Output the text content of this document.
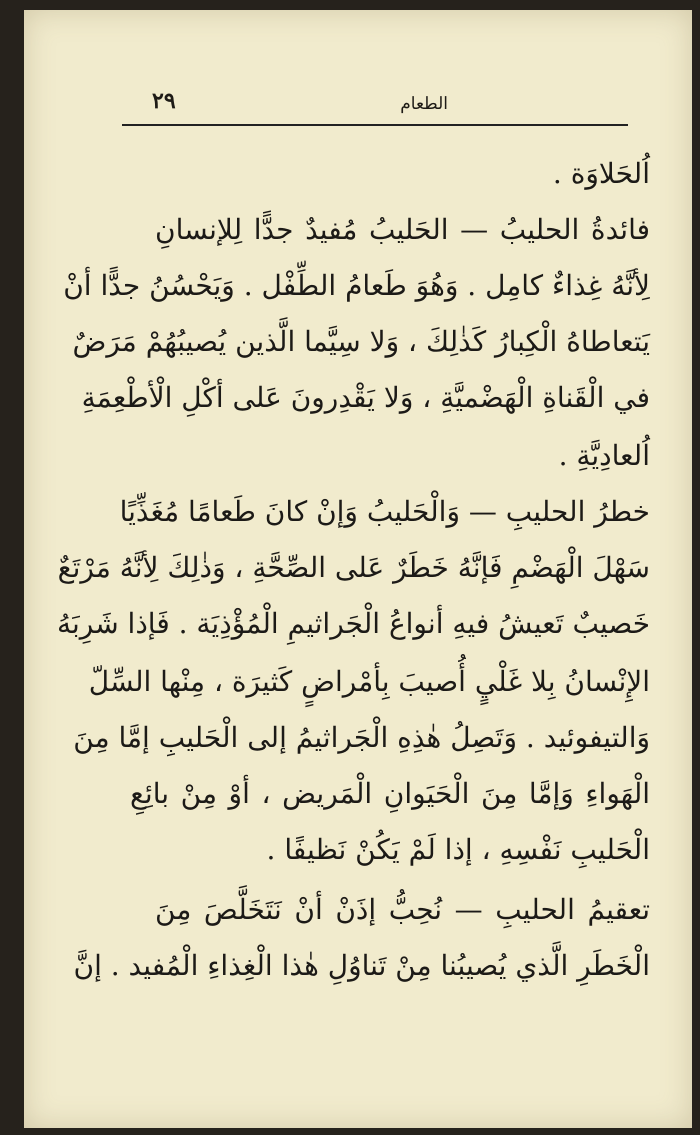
الطعام
٢٩
اُلحَلاوَة .
فائدةُ الحليبُ — الحَليبُ مُفيدٌ جدًّا لِلإنسانِ
لِأنَّهُ غِذاءٌ كامِل . وَهُوَ طَعامُ الطِّفْل . وَيَحْسُنُ جدًّا أنْ
يَتعاطاهُ الْكِبارُ كَذٰلِكَ ، وَلا سِيَّما الَّذين يُصيبُهُمْ مَرَضٌ
في الْقَناةِ الْهَضْميَّةِ ، وَلا يَقْدِرونَ عَلى أكْلِ الْأطْعِمَةِ
اُلعادِيَّةِ .
خطرُ الحليبِ — وَالْحَليبُ وَإنْ كانَ طَعامًا مُغَذِّيًا
سَهْلَ الْهَضْمِ فَإنَّهُ خَطَرٌ عَلى الصِّحَّةِ ، وَذٰلِكَ لِأنَّهُ مَرْتَعٌ
خَصيبٌ تَعيشُ فيهِ أنواعُ الْجَراثيمِ الْمُؤْذِيَة . فَإذا شَرِبَهُ
الإِنْسانُ بِلا غَلْيٍ أُصيبَ بِأمْراضٍ كَثيرَة ، مِنْها السِّلّ
وَالتيفوئيد . وَتَصِلُ هٰذِهِ الْجَراثيمُ إلى الْحَليبِ إمَّا مِنَ
الْهَواءِ وَإمَّا مِنَ الْحَيَوانِ الْمَريض ، أوْ مِنْ بائِعِ
الْحَليبِ نَفْسِهِ ، إذا لَمْ يَكُنْ نَظيفًا .
تعقيمُ الحليبِ — نُحِبُّ إذَنْ أنْ نَتَخَلَّصَ مِنَ
الْخَطَرِ الَّذي يُصيبُنا مِنْ تَناوُلِ هٰذا الْغِذاءِ الْمُفيد . إنَّ
